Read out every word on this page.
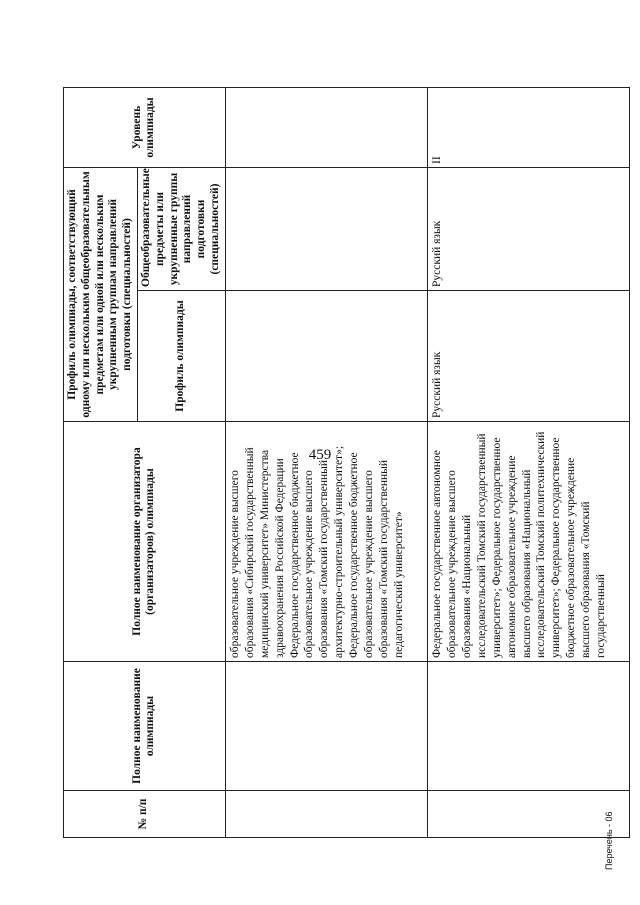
459
№ п/п	Полное наименование олимпиады	Полное наименование организатора (организаторов) олимпиады	Профиль олимпиады, соответствующий одному или нескольким общеобразовательным предметам или одной или нескольким укрупненным группам направлений подготовки (специальностей)		Уровень олимпиады
			Профиль олимпиады	Общеобразовательные предметы или укрупненные группы направлений подготовки (специальностей)	
		образовательное учреждение высшего образования «Сибирский государственный медицинский университет» Министерства здравоохранения Российской Федерации Федеральное государственное бюджетное образовательное учреждение высшего образования «Томский государственный архитектурно-строительный университет»; Федеральное государственное бюджетное образовательное учреждение высшего образования «Томский государственный педагогический университет»			
		Федеральное государственное автономное образовательное учреждение высшего образования «Национальный исследовательский Томский государственный университет»; Федеральное государственное автономное образовательное учреждение высшего образования «Национальный исследовательский Томский политехнический университет»; Федеральное государственное бюджетное образовательное учреждение высшего образования «Томский государственный	Русский язык	Русский язык	II
Перечень - 06
